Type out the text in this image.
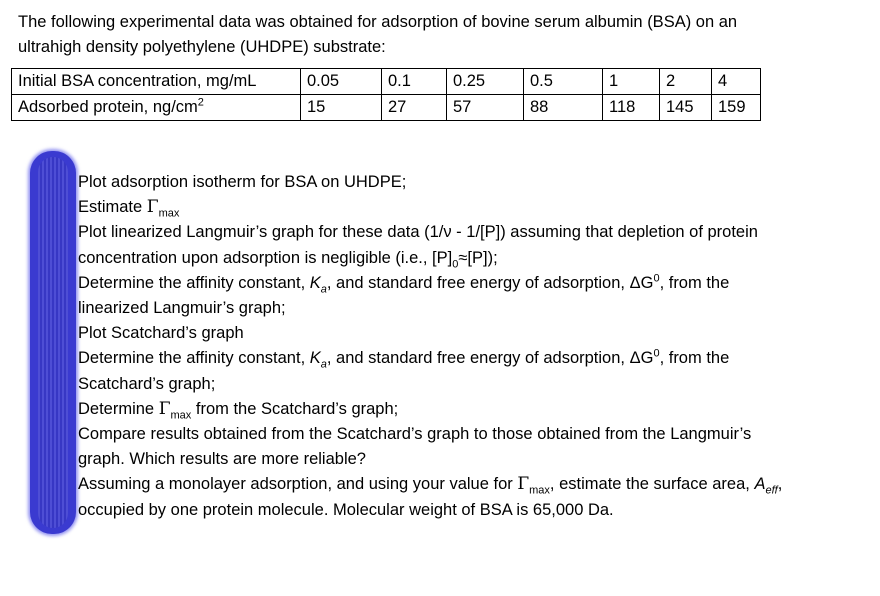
The following experimental data was obtained for adsorption of bovine serum albumin (BSA) on an
ultrahigh density polyethylene (UHDPE) substrate:
Initial BSA concentration, mg/mL	0.05	0.1	0.25	0.5	1	2	4
Adsorbed protein, $ng/cm^2$	15	27	57	88	118	145	159
Plot adsorption isotherm for BSA on UHDPE;
Estimate $\Gamma_{max}$
Plot linearized Langmuir’s graph for these data (1/ν - 1/[P]) assuming that depletion of protein
concentration upon adsorption is negligible (i.e., $[P]_0\approx[P]$);
Determine the affinity constant, $K_a$, and standard free energy of adsorption, $\Delta G^0$, from the
linearized Langmuir’s graph;
Plot Scatchard’s graph
Determine the affinity constant, $K_a$, and standard free energy of adsorption, $\Delta G^0$, from the
Scatchard’s graph;
Determine $\Gamma_{max}$ from the Scatchard’s graph;
Compare results obtained from the Scatchard’s graph to those obtained from the Langmuir’s
graph. Which results are more reliable?
Assuming a monolayer adsorption, and using your value for $\Gamma_{max}$, estimate the surface area, $A_{eff}$,
occupied by one protein molecule. Molecular weight of BSA is 65,000 Da.
